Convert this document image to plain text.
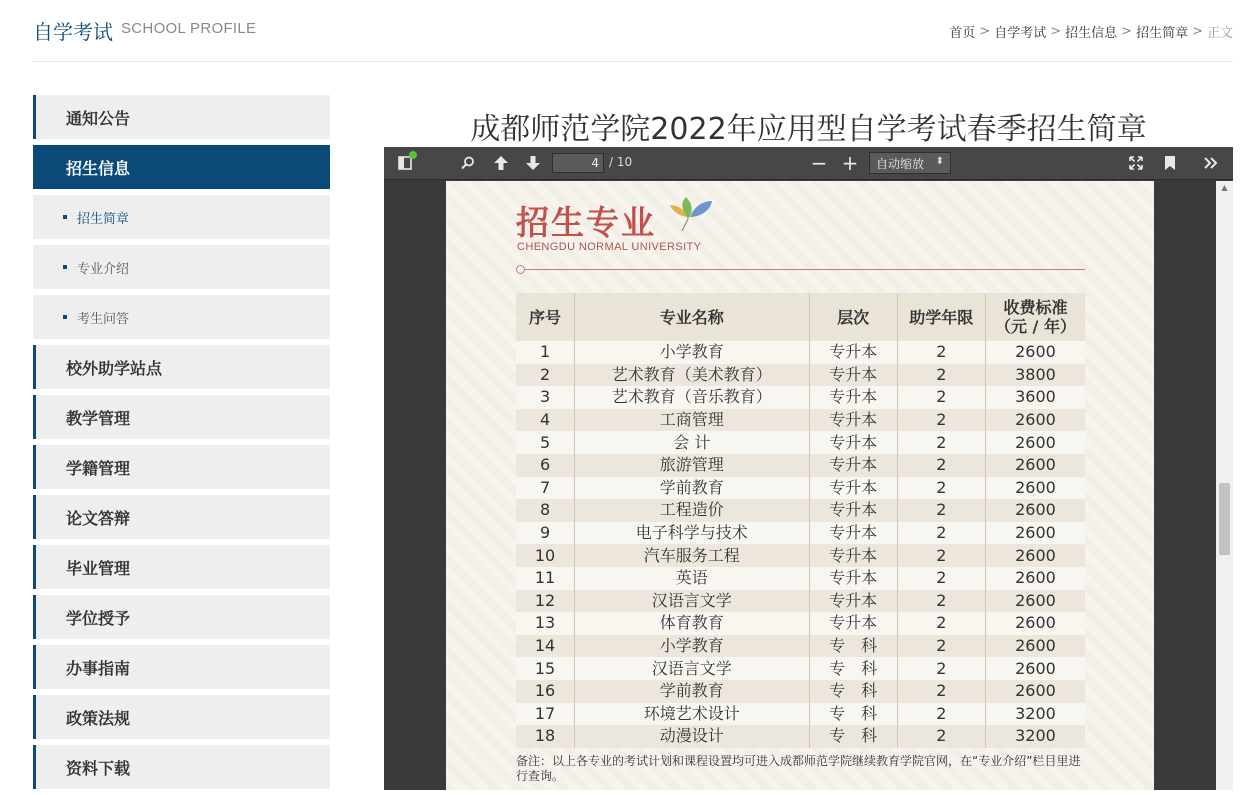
自学考试 SCHOOL PROFILE	首页 > 自学考试 > 招生信息 > 招生简章 > 正文
通知公告
招生信息
招生简章
专业介绍
考生问答
校外助学站点
教学管理
学籍管理
论文答辩
毕业管理
学位授予
办事指南
政策法规
资料下载
成都师范学院2022年应用型自学考试春季招生简章
4 / 10	− + 自动缩放 ⬍
招生专业
CHENGDU NORMAL UNIVERSITY
序号	专业名称	层次	助学年限	收费标准
（元 / 年）
1	小学教育	专升本	2	2600
2	艺术教育（美术教育）	专升本	2	3800
3	艺术教育（音乐教育）	专升本	2	3600
4	工商管理	专升本	2	2600
5	会 计	专升本	2	2600
6	旅游管理	专升本	2	2600
7	学前教育	专升本	2	2600
8	工程造价	专升本	2	2600
9	电子科学与技术	专升本	2	2600
10	汽车服务工程	专升本	2	2600
11	英语	专升本	2	2600
12	汉语言文学	专升本	2	2600
13	体育教育	专升本	2	2600
14	小学教育	专　科	2	2600
15	汉语言文学	专　科	2	2600
16	学前教育	专　科	2	2600
17	环境艺术设计	专　科	2	3200
18	动漫设计	专　科	2	3200
备注：以上各专业的考试计划和课程设置均可进入成都师范学院继续教育学院官网，在“专业介绍”栏目里进行查询。
▲
